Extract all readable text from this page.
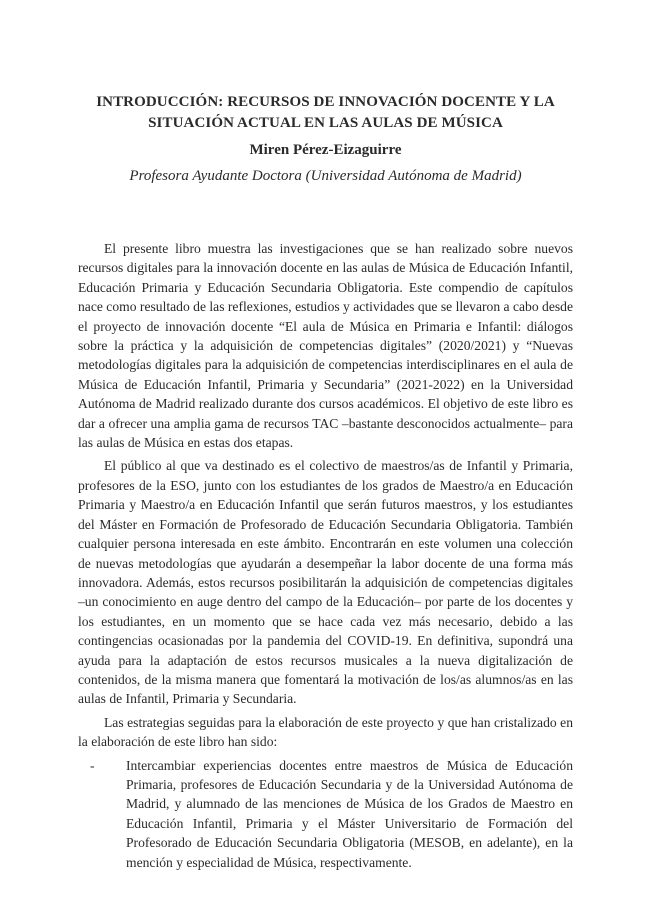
INTRODUCCIÓN: RECURSOS DE INNOVACIÓN DOCENTE Y LA SITUACIÓN ACTUAL EN LAS AULAS DE MÚSICA
Miren Pérez-Eizaguirre
Profesora Ayudante Doctora (Universidad Autónoma de Madrid)

El presente libro muestra las investigaciones que se han realizado sobre nuevos recursos digitales para la innovación docente en las aulas de Música de Educación Infantil, Educación Primaria y Educación Secundaria Obligatoria. Este compendio de capítulos nace como resultado de las reflexiones, estudios y actividades que se llevaron a cabo desde el proyecto de innovación docente “El aula de Música en Primaria e Infantil: diálogos sobre la práctica y la adquisición de competencias digitales” (2020/2021) y “Nuevas metodologías digitales para la adquisición de competencias interdisciplinares en el aula de Música de Educación Infantil, Primaria y Secundaria” (2021-2022) en la Universidad Autónoma de Madrid realizado durante dos cursos académicos. El objetivo de este libro es dar a ofrecer una amplia gama de recursos TAC –bastante desconocidos actualmente– para las aulas de Música en estas dos etapas.

El público al que va destinado es el colectivo de maestros/as de Infantil y Primaria, profesores de la ESO, junto con los estudiantes de los grados de Maestro/a en Educación Primaria y Maestro/a en Educación Infantil que serán futuros maestros, y los estudiantes del Máster en Formación de Profesorado de Educación Secundaria Obligatoria. También cualquier persona interesada en este ámbito. Encontrarán en este volumen una colección de nuevas metodologías que ayudarán a desempeñar la labor docente de una forma más innovadora. Además, estos recursos posibilitarán la adquisición de competencias digitales –un conocimiento en auge dentro del campo de la Educación– por parte de los docentes y los estudiantes, en un momento que se hace cada vez más necesario, debido a las contingencias ocasionadas por la pandemia del COVID-19. En definitiva, supondrá una ayuda para la adaptación de estos recursos musicales a la nueva digitalización de contenidos, de la misma manera que fomentará la motivación de los/as alumnos/as en las aulas de Infantil, Primaria y Secundaria.

Las estrategias seguidas para la elaboración de este proyecto y que han cristalizado en la elaboración de este libro han sido:

- Intercambiar experiencias docentes entre maestros de Música de Educación Primaria, profesores de Educación Secundaria y de la Universidad Autónoma de Madrid, y alumnado de las menciones de Música de los Grados de Maestro en Educación Infantil, Primaria y el Máster Universitario de Formación del Profesorado de Educación Secundaria Obligatoria (MESOB, en adelante), en la mención y especialidad de Música, respectivamente.
